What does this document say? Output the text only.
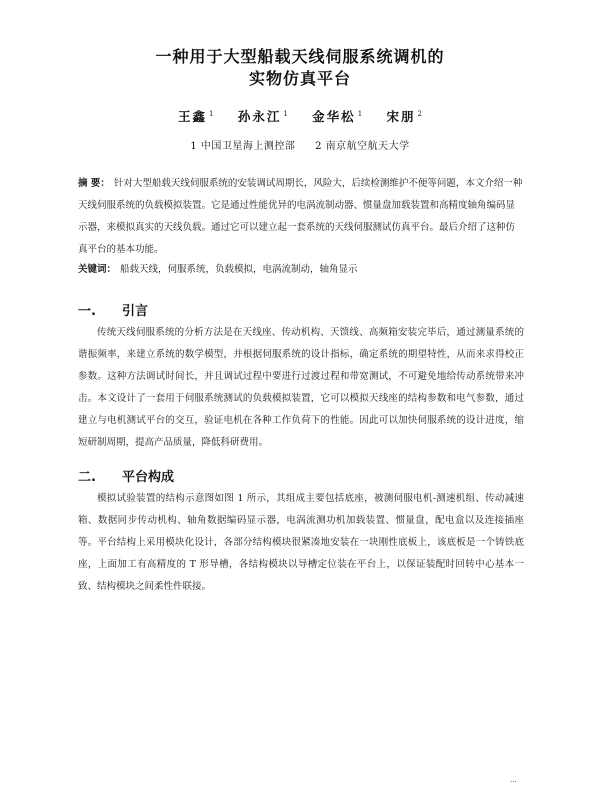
一种用于大型船载天线伺服系统调机的
实物仿真平台
王鑫 $^1$ 孙永江 $^1$ 金华松 $^1$ 宋朋 $^2$
1 中国卫星海上测控部 2 南京航空航天大学
摘 要： 针对大型船载天线伺服系统的安装调试周期长，风险大，后续检测维护不便等问题，本文介绍一种天线伺服系统的负载模拟装置。它是通过性能优异的电涡流制动器、惯量盘加载装置和高精度轴角编码显示器，来模拟真实的天线负载。通过它可以建立起一套系统的天线伺服测试仿真平台。最后介绍了这种仿真平台的基本功能。
关键词： 船载天线，伺服系统，负载模拟，电涡流制动，轴角显示
一. 引言
传统天线伺服系统的分析方法是在天线座、传动机构、天馈线、高频箱安装完毕后，通过测量系统的谐振频率，来建立系统的数学模型，并根据伺服系统的设计指标，确定系统的期望特性，从而来求得校正参数。这种方法调试时间长，并且调试过程中要进行过渡过程和带宽测试，不可避免地给传动系统带来冲击。本文设计了一套用于伺服系统测试的负载模拟装置，它可以模拟天线座的结构参数和电气参数，通过建立与电机测试平台的交互，验证电机在各种工作负荷下的性能。因此可以加快伺服系统的设计进度，缩短研制周期，提高产品质量，降低科研费用。
二. 平台构成
模拟试验装置的结构示意图如图 1 所示，其组成主要包括底座，被测伺服电机-测速机组、传动减速箱、数据同步传动机构、轴角数据编码显示器，电涡流测功机加载装置、惯量盘，配电盒以及连接插座等。平台结构上采用模块化设计，各部分结构模块很紧凑地安装在一块刚性底板上，该底板是一个铸铁底座，上面加工有高精度的 T 形导槽，各结构模块以导槽定位装在平台上，以保证装配时回转中心基本一致、结构模块之间柔性件联接。
...
